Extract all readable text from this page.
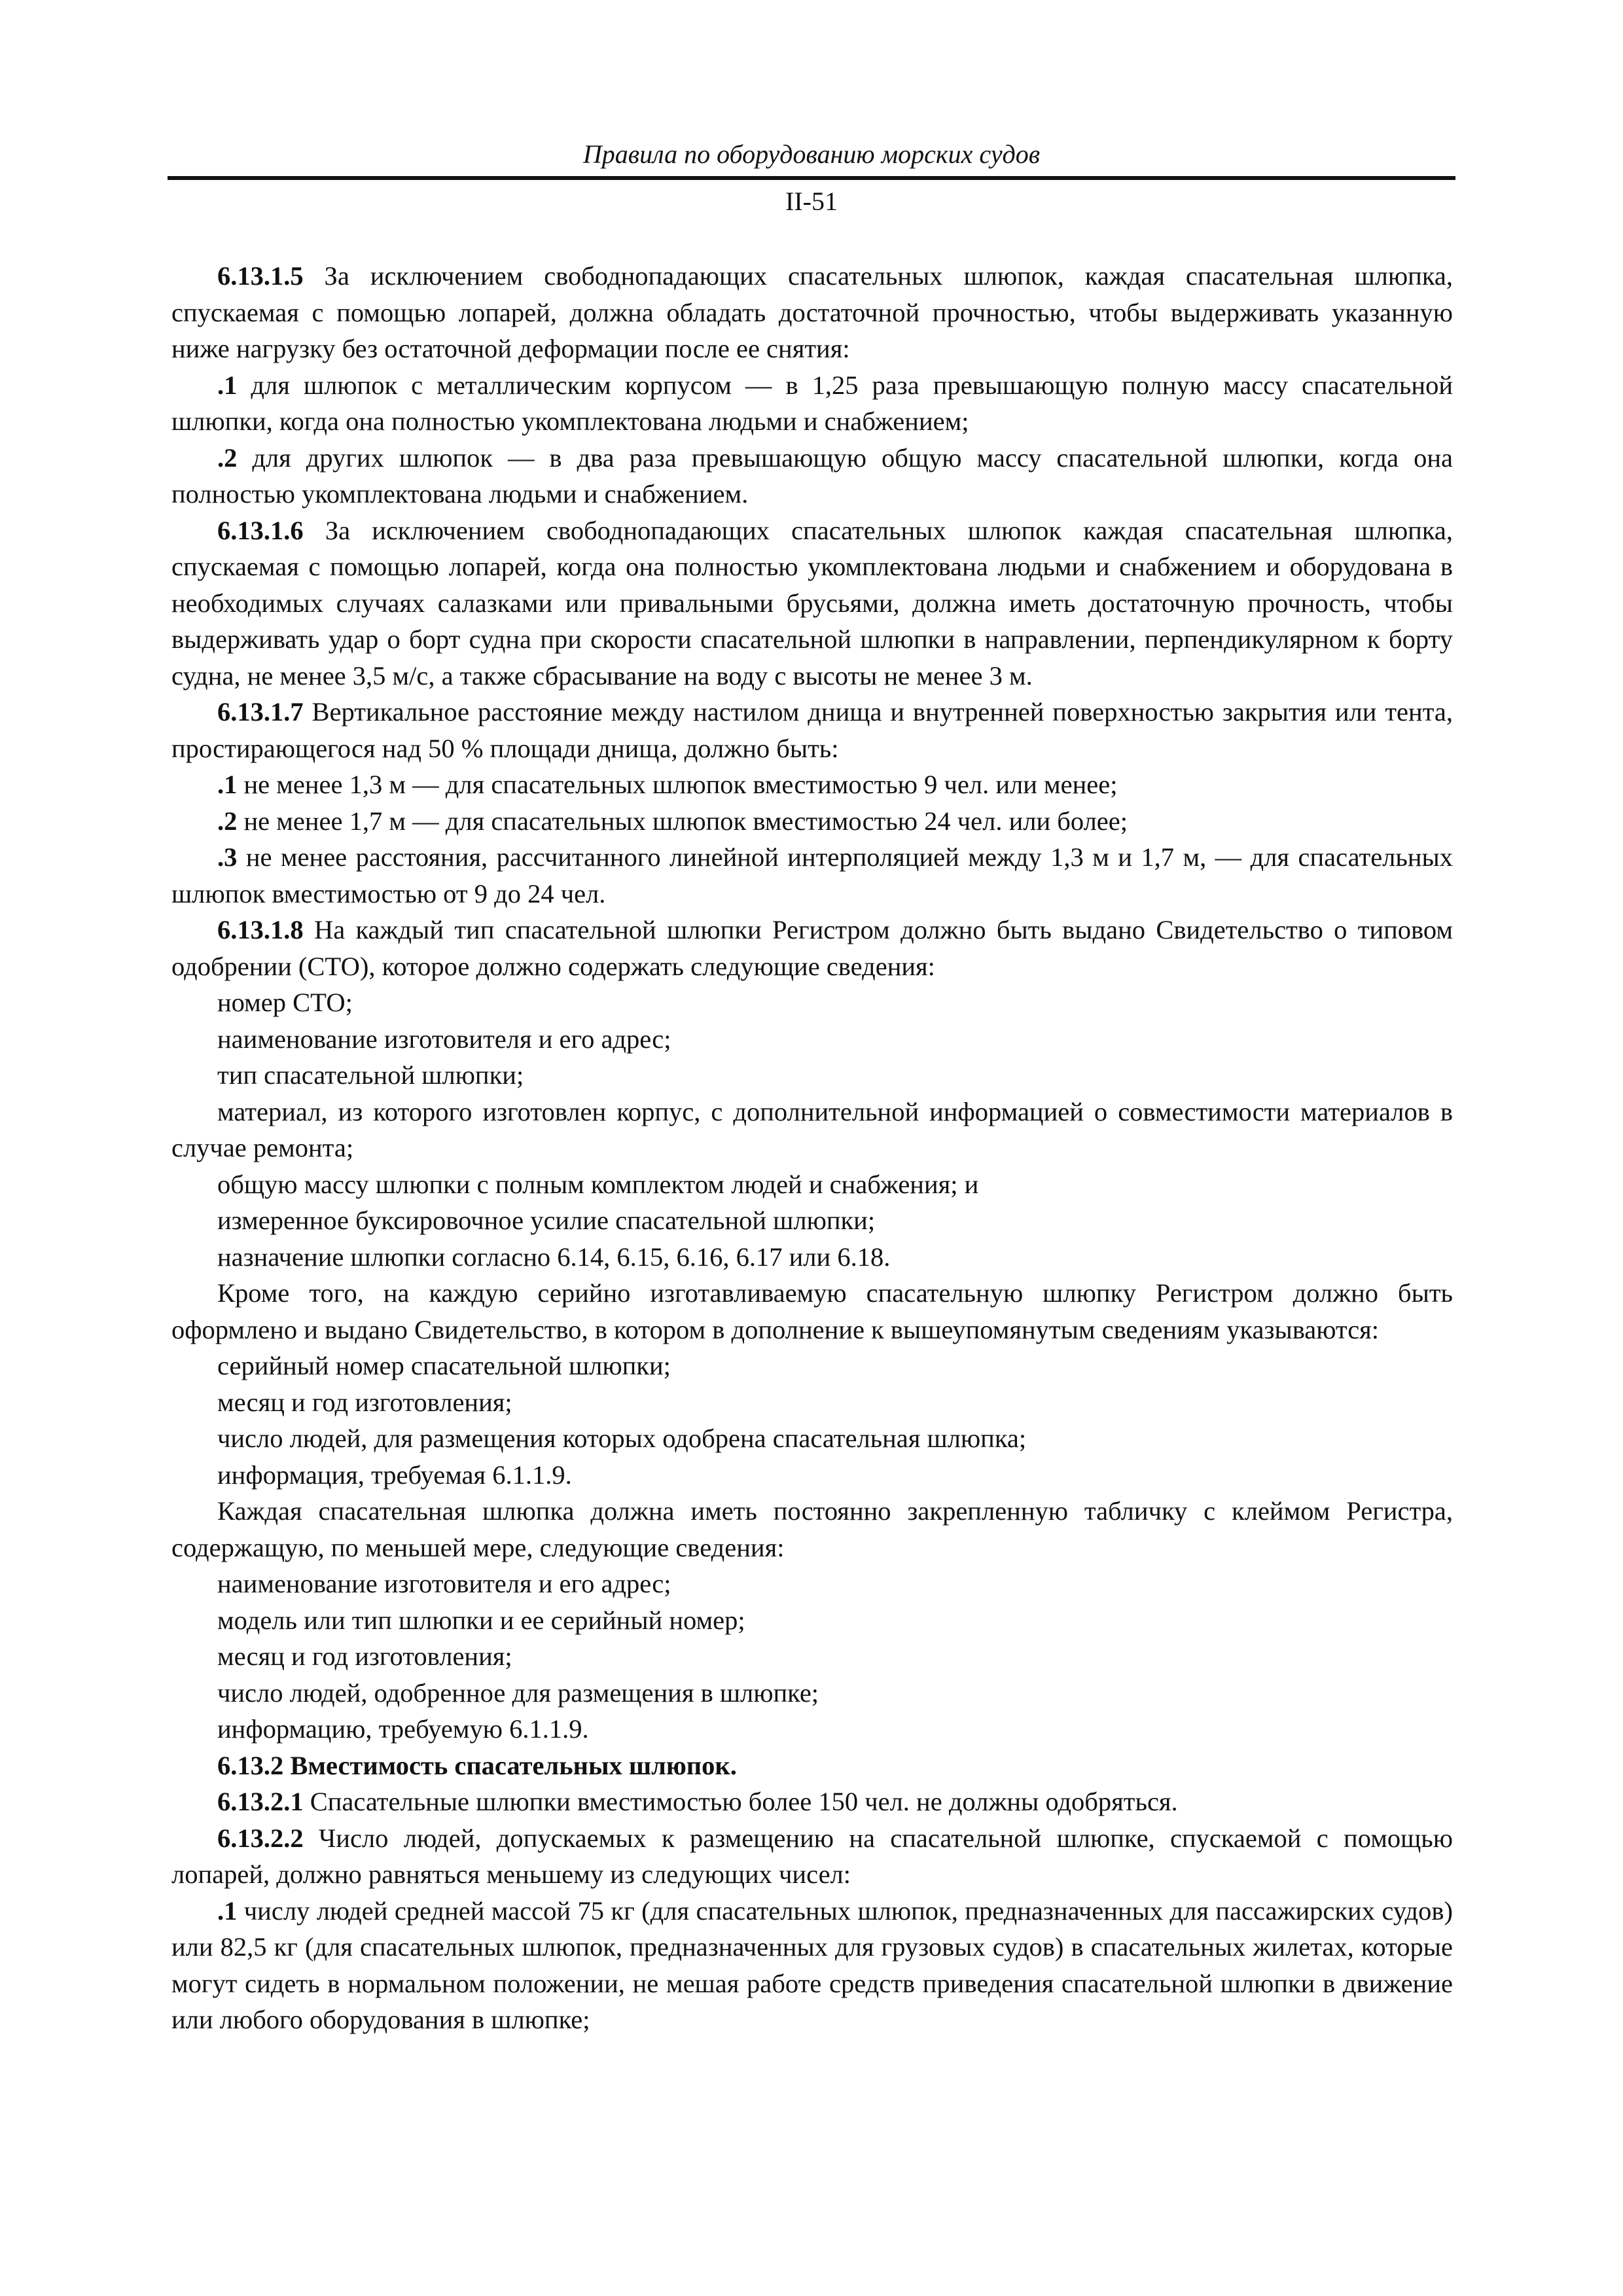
Правила по оборудованию морских судов
II-51

6.13.1.5 За исключением свободнопадающих спасательных шлюпок, каждая спасательная шлюпка, спускаемая с помощью лопарей, должна обладать достаточной прочностью, чтобы выдерживать указанную ниже нагрузку без остаточной деформации после ее снятия:

.1 для шлюпок с металлическим корпусом — в 1,25 раза превышающую полную массу спасательной шлюпки, когда она полностью укомплектована людьми и снабжением;

.2 для других шлюпок — в два раза превышающую общую массу спасательной шлюпки, когда она полностью укомплектована людьми и снабжением.

6.13.1.6 За исключением свободнопадающих спасательных шлюпок каждая спасательная шлюпка, спускаемая с помощью лопарей, когда она полностью укомплектована людьми и снабжением и оборудована в необходимых случаях салазками или привальными брусьями, должна иметь достаточную прочность, чтобы выдерживать удар о борт судна при скорости спасательной шлюпки в направлении, перпендикулярном к борту судна, не менее 3,5 м/с, а также сбрасывание на воду с высоты не менее 3 м.

6.13.1.7 Вертикальное расстояние между настилом днища и внутренней поверхностью закрытия или тента, простирающегося над 50 % площади днища, должно быть:

.1 не менее 1,3 м — для спасательных шлюпок вместимостью 9 чел. или менее;

.2 не менее 1,7 м — для спасательных шлюпок вместимостью 24 чел. или более;

.3 не менее расстояния, рассчитанного линейной интерполяцией между 1,3 м и 1,7 м, — для спасательных шлюпок вместимостью от 9 до 24 чел.

6.13.1.8 На каждый тип спасательной шлюпки Регистром должно быть выдано Свидетельство о типовом одобрении (СТО), которое должно содержать следующие сведения:

номер СТО;

наименование изготовителя и его адрес;

тип спасательной шлюпки;

материал, из которого изготовлен корпус, с дополнительной информацией о совместимости материалов в случае ремонта;

общую массу шлюпки с полным комплектом людей и снабжения; и

измеренное буксировочное усилие спасательной шлюпки;

назначение шлюпки согласно 6.14, 6.15, 6.16, 6.17 или 6.18.

Кроме того, на каждую серийно изготавливаемую спасательную шлюпку Регистром должно быть оформлено и выдано Свидетельство, в котором в дополнение к вышеупомянутым сведениям указываются:

серийный номер спасательной шлюпки;

месяц и год изготовления;

число людей, для размещения которых одобрена спасательная шлюпка;

информация, требуемая 6.1.1.9.

Каждая спасательная шлюпка должна иметь постоянно закрепленную табличку с клеймом Регистра, содержащую, по меньшей мере, следующие сведения:

наименование изготовителя и его адрес;

модель или тип шлюпки и ее серийный номер;

месяц и год изготовления;

число людей, одобренное для размещения в шлюпке;

информацию, требуемую 6.1.1.9.

6.13.2 Вместимость спасательных шлюпок.

6.13.2.1 Спасательные шлюпки вместимостью более 150 чел. не должны одобряться.

6.13.2.2 Число людей, допускаемых к размещению на спасательной шлюпке, спускаемой с помощью лопарей, должно равняться меньшему из следующих чисел:

.1 числу людей средней массой 75 кг (для спасательных шлюпок, предназначенных для пассажирских судов) или 82,5 кг (для спасательных шлюпок, предназначенных для грузовых судов) в спасательных жилетах, которые могут сидеть в нормальном положении, не мешая работе средств приведения спасательной шлюпки в движение или любого оборудования в шлюпке;
